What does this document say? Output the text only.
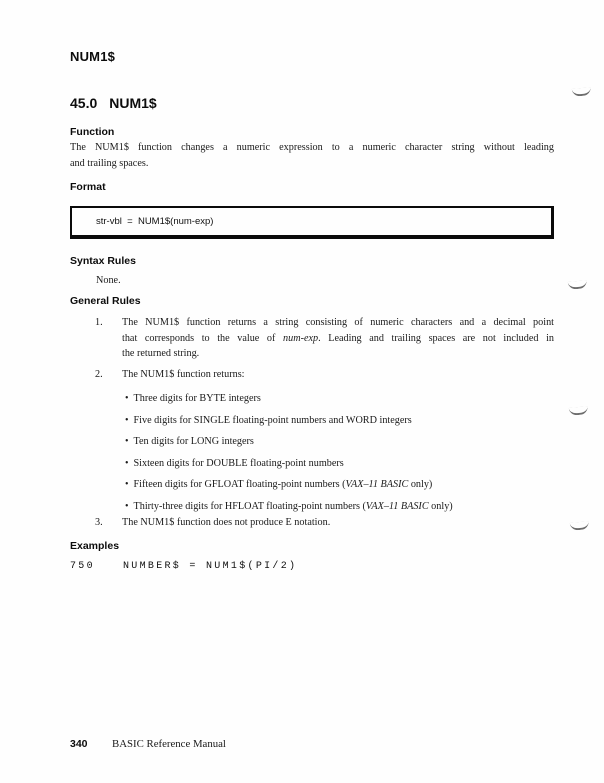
NUM1$
45.0 NUM1$
Function
The NUM1$ function changes a numeric expression to a numeric character string without leading
and trailing spaces.
Format
str-vbl  =  NUM1$(num-exp)
Syntax Rules
None.
General Rules
1. The NUM1$ function returns a string consisting of numeric characters and a decimal point
that corresponds to the value of num-exp. Leading and trailing spaces are not included in
the returned string.
2. The NUM1$ function returns:
• Three digits for BYTE integers
• Five digits for SINGLE floating-point numbers and WORD integers
• Ten digits for LONG integers
• Sixteen digits for DOUBLE floating-point numbers
• Fifteen digits for GFLOAT floating-point numbers (VAX–11 BASIC only)
• Thirty-three digits for HFLOAT floating-point numbers (VAX–11 BASIC only)
3. The NUM1$ function does not produce E notation.
Examples
750	NUMBER$ = NUM1$(PI/2)
340 BASIC Reference Manual
